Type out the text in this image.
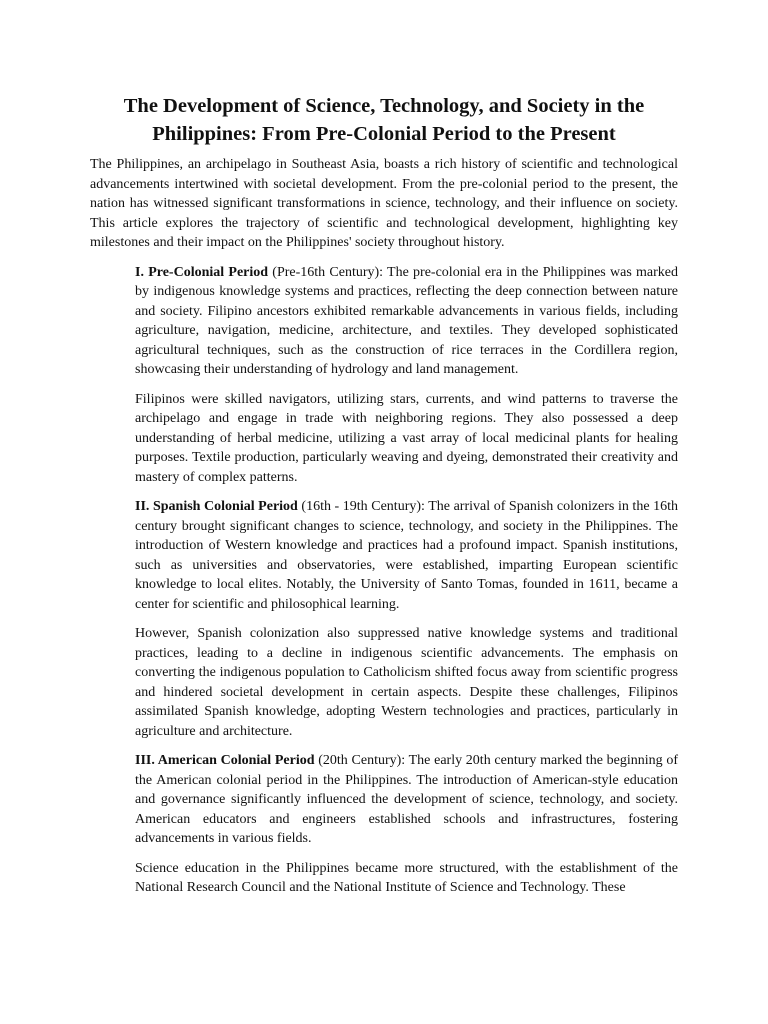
The Development of Science, Technology, and Society in the
Philippines: From Pre-Colonial Period to the Present

The Philippines, an archipelago in Southeast Asia, boasts a rich history of scientific and technological advancements intertwined with societal development. From the pre-colonial period to the present, the nation has witnessed significant transformations in science, technology, and their influence on society. This article explores the trajectory of scientific and technological development, highlighting key milestones and their impact on the Philippines' society throughout history.

I. Pre-Colonial Period (Pre-16th Century): The pre-colonial era in the Philippines was marked by indigenous knowledge systems and practices, reflecting the deep connection between nature and society. Filipino ancestors exhibited remarkable advancements in various fields, including agriculture, navigation, medicine, architecture, and textiles. They developed sophisticated agricultural techniques, such as the construction of rice terraces in the Cordillera region, showcasing their understanding of hydrology and land management.

Filipinos were skilled navigators, utilizing stars, currents, and wind patterns to traverse the archipelago and engage in trade with neighboring regions. They also possessed a deep understanding of herbal medicine, utilizing a vast array of local medicinal plants for healing purposes. Textile production, particularly weaving and dyeing, demonstrated their creativity and mastery of complex patterns.

II. Spanish Colonial Period (16th - 19th Century): The arrival of Spanish colonizers in the 16th century brought significant changes to science, technology, and society in the Philippines. The introduction of Western knowledge and practices had a profound impact. Spanish institutions, such as universities and observatories, were established, imparting European scientific knowledge to local elites. Notably, the University of Santo Tomas, founded in 1611, became a center for scientific and philosophical learning.

However, Spanish colonization also suppressed native knowledge systems and traditional practices, leading to a decline in indigenous scientific advancements. The emphasis on converting the indigenous population to Catholicism shifted focus away from scientific progress and hindered societal development in certain aspects. Despite these challenges, Filipinos assimilated Spanish knowledge, adopting Western technologies and practices, particularly in agriculture and architecture.

III. American Colonial Period (20th Century): The early 20th century marked the beginning of the American colonial period in the Philippines. The introduction of American-style education and governance significantly influenced the development of science, technology, and society. American educators and engineers established schools and infrastructures, fostering advancements in various fields.

Science education in the Philippines became more structured, with the establishment of the National Research Council and the National Institute of Science and Technology. These
